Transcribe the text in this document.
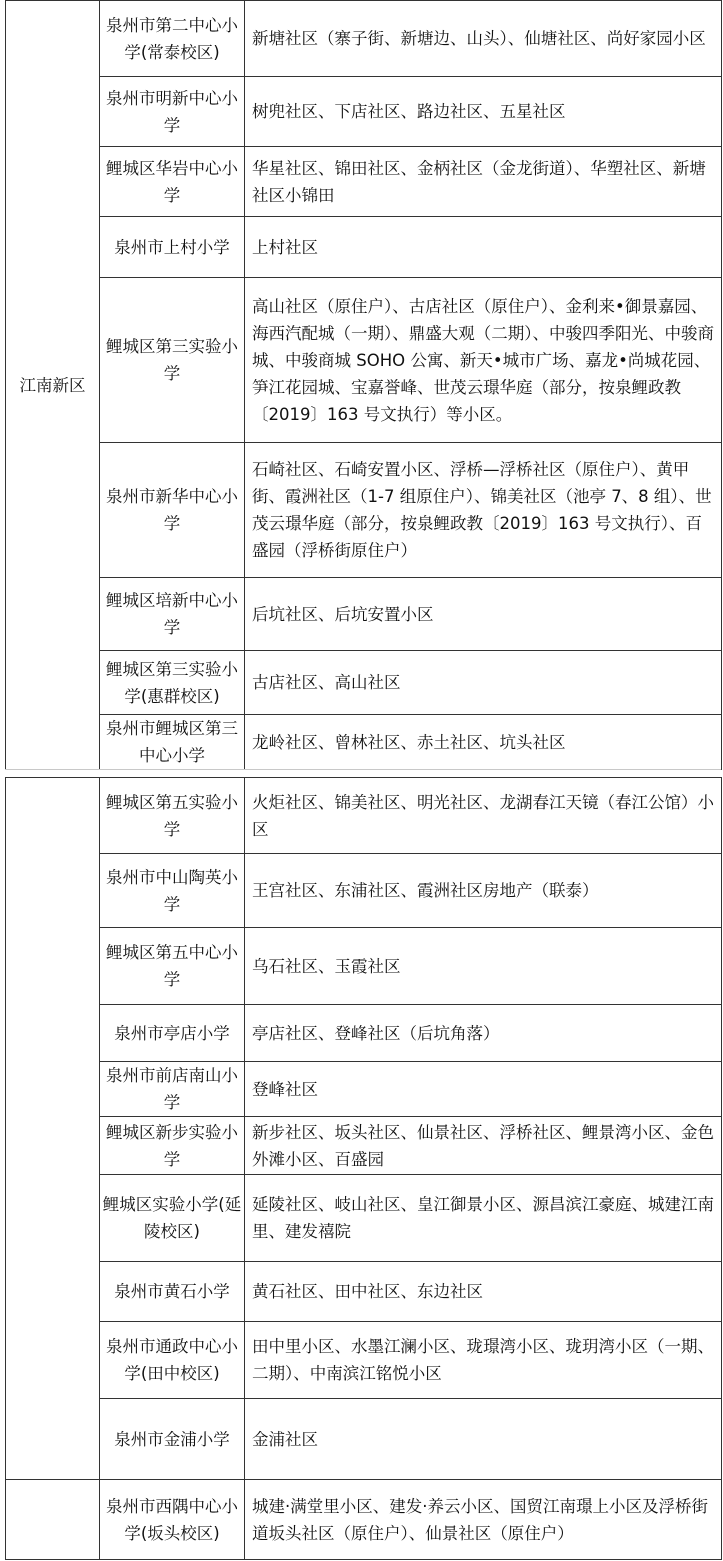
江南新区	泉州市第二中心小学(常泰校区)	新塘社区（寨子街、新塘边、山头）、仙塘社区、尚好家园小区
	泉州市明新中心小学	树兜社区、下店社区、路边社区、五星社区
	鲤城区华岩中心小学	华星社区、锦田社区、金柄社区（金龙街道）、华塑社区、新塘社区小锦田
	泉州市上村小学	上村社区
	鲤城区第三实验小学	高山社区（原住户）、古店社区（原住户）、金利来•御景嘉园、海西汽配城（一期）、鼎盛大观（二期）、中骏四季阳光、中骏商城、中骏商城 SOHO 公寓、新天•城市广场、嘉龙•尚城花园、笋江花园城、宝嘉誉峰、世茂云璟华庭（部分，按泉鲤政教〔2019〕163 号文执行）等小区。
	泉州市新华中心小学	石崎社区、石崎安置小区、浮桥—浮桥社区（原住户）、黄甲街、霞洲社区（1-7 组原住户）、锦美社区（池亭 7、8 组）、世茂云璟华庭（部分，按泉鲤政教〔2019〕163 号文执行）、百盛园（浮桥街原住户）
	鲤城区培新中心小学	后坑社区、后坑安置小区
	鲤城区第三实验小学(惠群校区)	古店社区、高山社区
	泉州市鲤城区第三中心小学	龙岭社区、曾林社区、赤土社区、坑头社区
	鲤城区第五实验小学	火炬社区、锦美社区、明光社区、龙湖春江天镜（春江公馆）小区
	泉州市中山陶英小学	王宫社区、东浦社区、霞洲社区房地产（联泰）
	鲤城区第五中心小学	乌石社区、玉霞社区
	泉州市亭店小学	亭店社区、登峰社区（后坑角落）
	泉州市前店南山小学	登峰社区
	鲤城区新步实验小学	新步社区、坂头社区、仙景社区、浮桥社区、鲤景湾小区、金色外滩小区、百盛园
	鲤城区实验小学(延陵校区)	延陵社区、岐山社区、皇江御景小区、源昌滨江豪庭、城建江南里、建发禧院
	泉州市黄石小学	黄石社区、田中社区、东边社区
	泉州市通政中心小学(田中校区)	田中里小区、水墨江澜小区、珑璟湾小区、珑玥湾小区（一期、二期）、中南滨江铭悦小区
	泉州市金浦小学	金浦社区
	泉州市西隅中心小学(坂头校区)	城建·满堂里小区、建发·养云小区、国贸江南璟上小区及浮桥街道坂头社区（原住户）、仙景社区（原住户）
